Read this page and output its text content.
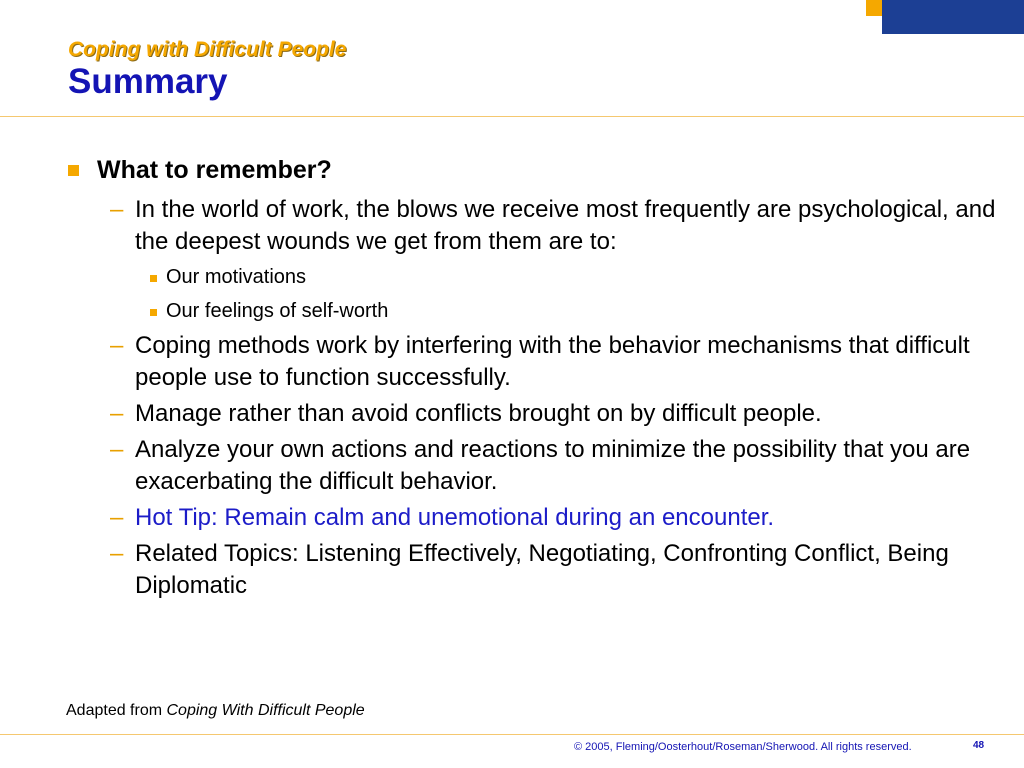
Coping with Difficult People
Summary
What to remember?
– In the world of work, the blows we receive most frequently are psychological, and the deepest wounds we get from them are to:
Our motivations
Our feelings of self-worth
– Coping methods work by interfering with the behavior mechanisms that difficult people use to function successfully.
– Manage rather than avoid conflicts brought on by difficult people.
– Analyze your own actions and reactions to minimize the possibility that you are exacerbating the difficult behavior.
– Hot Tip: Remain calm and unemotional during an encounter.
– Related Topics: Listening Effectively, Negotiating, Confronting Conflict, Being Diplomatic
Adapted from Coping With Difficult People
© 2005, Fleming/Oosterhout/Roseman/Sherwood. All rights reserved.	48
